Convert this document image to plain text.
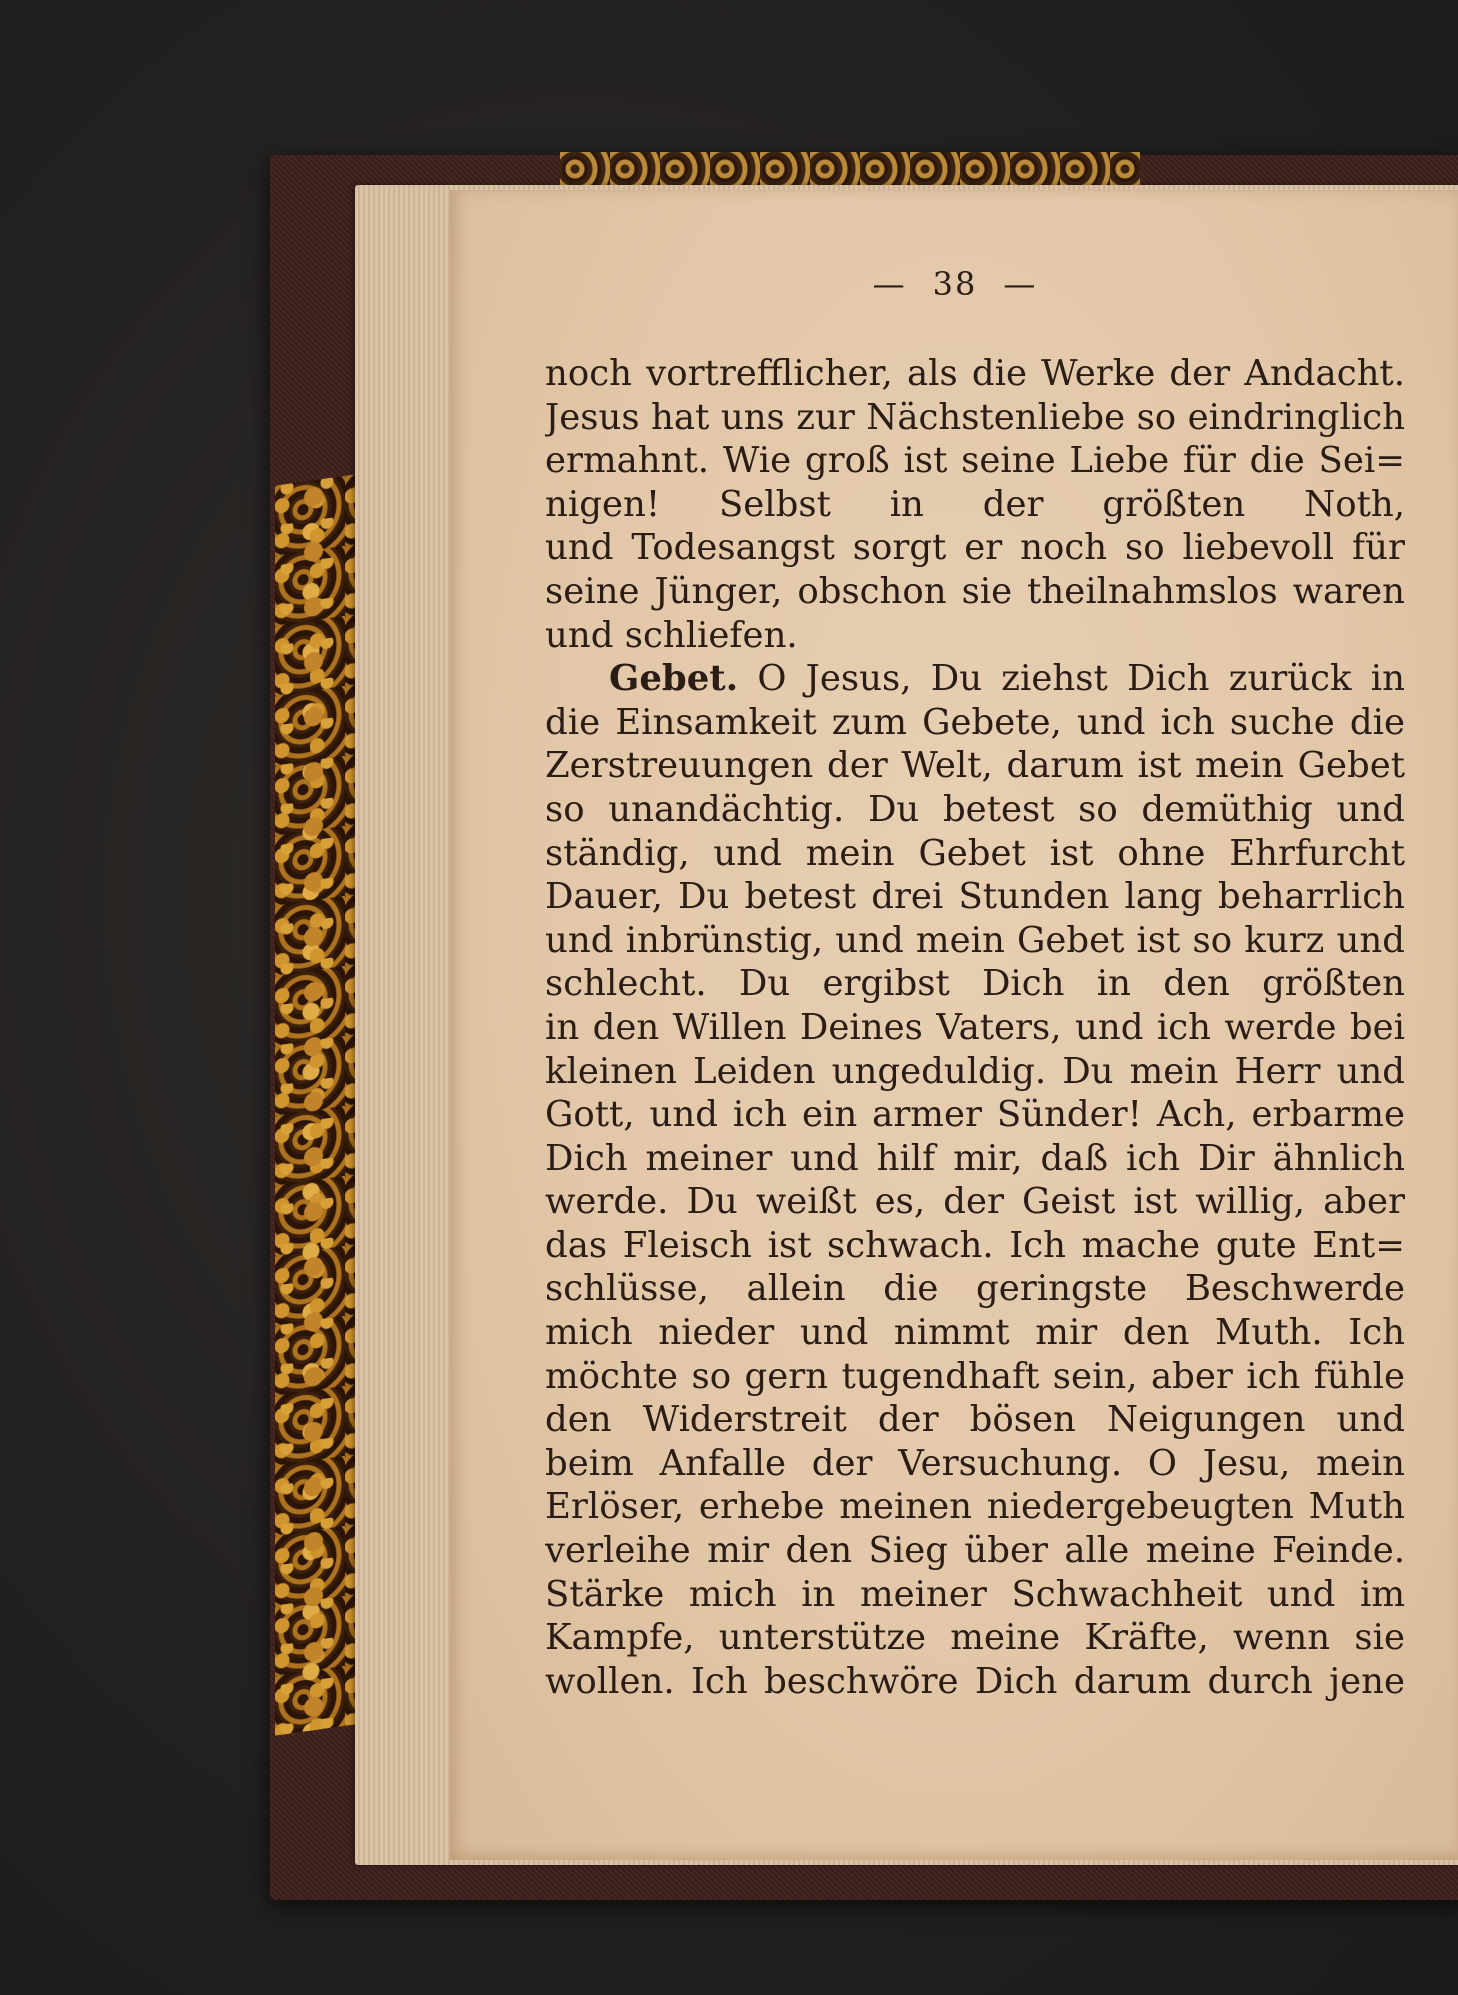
— 38 —
noch vortrefflicher, als die Werke der Andacht.
Jesus hat uns zur Nächstenliebe so eindringlich
ermahnt. Wie groß ist seine Liebe für die Sei=
nigen! Selbst in der größten Noth,
und Todesangst sorgt er noch so liebevoll für
seine Jünger, obschon sie theilnahmslos waren
und schliefen.
Gebet. O Jesus, Du ziehst Dich zurück in
die Einsamkeit zum Gebete, und ich suche die
Zerstreuungen der Welt, darum ist mein Gebet
so unandächtig. Du betest so demüthig und
ständig, und mein Gebet ist ohne Ehrfurcht
Dauer, Du betest drei Stunden lang beharrlich
und inbrünstig, und mein Gebet ist so kurz und
schlecht. Du ergibst Dich in den größten
in den Willen Deines Vaters, und ich werde bei
kleinen Leiden ungeduldig. Du mein Herr und
Gott, und ich ein armer Sünder! Ach, erbarme
Dich meiner und hilf mir, daß ich Dir ähnlich
werde. Du weißt es, der Geist ist willig, aber
das Fleisch ist schwach. Ich mache gute Ent=
schlüsse, allein die geringste Beschwerde
mich nieder und nimmt mir den Muth. Ich
möchte so gern tugendhaft sein, aber ich fühle
den Widerstreit der bösen Neigungen und
beim Anfalle der Versuchung. O Jesu, mein
Erlöser, erhebe meinen niedergebeugten Muth
verleihe mir den Sieg über alle meine Feinde.
Stärke mich in meiner Schwachheit und im
Kampfe, unterstütze meine Kräfte, wenn sie
wollen. Ich beschwöre Dich darum durch jene
